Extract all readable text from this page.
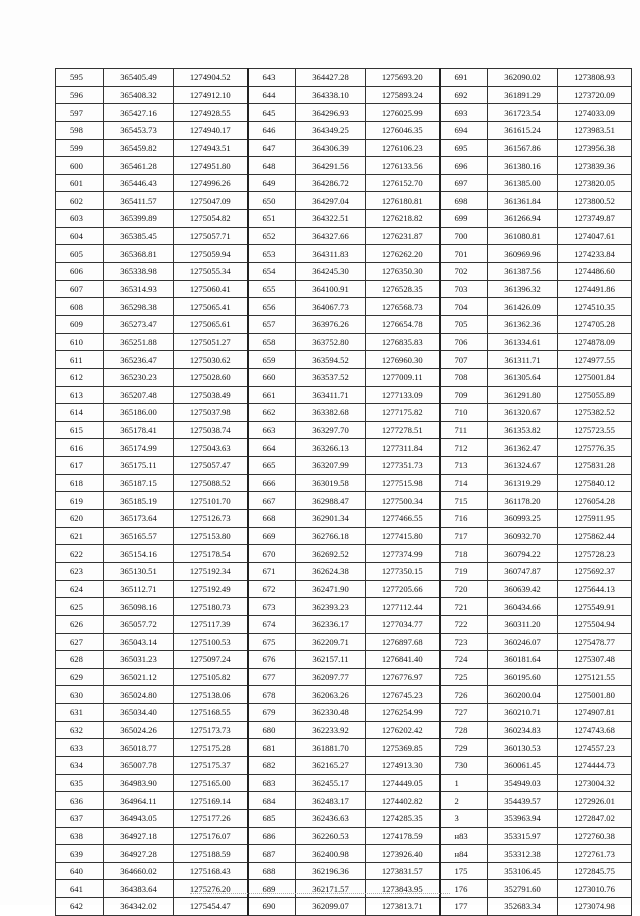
595	365405.49	1274904.52	643	364427.28	1275693.20	691	362090.02	1273808.93
596	365408.32	1274912.10	644	364338.10	1275893.24	692	361891.29	1273720.09
597	365427.16	1274928.55	645	364296.93	1276025.99	693	361723.54	1274033.09
598	365453.73	1274940.17	646	364349.25	1276046.35	694	361615.24	1273983.51
599	365459.82	1274943.51	647	364306.39	1276106.23	695	361567.86	1273956.38
600	365461.28	1274951.80	648	364291.56	1276133.56	696	361380.16	1273839.36
601	365446.43	1274996.26	649	364286.72	1276152.70	697	361385.00	1273820.05
602	365411.57	1275047.09	650	364297.04	1276180.81	698	361361.84	1273800.52
603	365399.89	1275054.82	651	364322.51	1276218.82	699	361266.94	1273749.87
604	365385.45	1275057.71	652	364327.66	1276231.87	700	361080.81	1274047.61
605	365368.81	1275059.94	653	364311.83	1276262.20	701	360969.96	1274233.84
606	365338.98	1275055.34	654	364245.30	1276350.30	702	361387.56	1274486.60
607	365314.93	1275060.41	655	364100.91	1276528.35	703	361396.32	1274491.86
608	365298.38	1275065.41	656	364067.73	1276568.73	704	361426.09	1274510.35
609	365273.47	1275065.61	657	363976.26	1276654.78	705	361362.36	1274705.28
610	365251.88	1275051.27	658	363752.80	1276835.83	706	361334.61	1274878.09
611	365236.47	1275030.62	659	363594.52	1276960.30	707	361311.71	1274977.55
612	365230.23	1275028.60	660	363537.52	1277009.11	708	361305.64	1275001.84
613	365207.48	1275038.49	661	363411.71	1277133.09	709	361291.80	1275055.89
614	365186.00	1275037.98	662	363382.68	1277175.82	710	361320.67	1275382.52
615	365178.41	1275038.74	663	363297.70	1277278.51	711	361353.82	1275723.55
616	365174.99	1275043.63	664	363266.13	1277311.84	712	361362.47	1275776.35
617	365175.11	1275057.47	665	363207.99	1277351.73	713	361324.67	1275831.28
618	365187.15	1275088.52	666	363019.58	1277515.98	714	361319.29	1275840.12
619	365185.19	1275101.70	667	362988.47	1277500.34	715	361178.20	1276054.28
620	365173.64	1275126.73	668	362901.34	1277466.55	716	360993.25	1275911.95
621	365165.57	1275153.80	669	362766.18	1277415.80	717	360932.70	1275862.44
622	365154.16	1275178.54	670	362692.52	1277374.99	718	360794.22	1275728.23
623	365130.51	1275192.34	671	362624.38	1277350.15	719	360747.87	1275692.37
624	365112.71	1275192.49	672	362471.90	1277205.66	720	360639.42	1275644.13
625	365098.16	1275180.73	673	362393.23	1277112.44	721	360434.66	1275549.91
626	365057.72	1275117.39	674	362336.17	1277034.77	722	360311.20	1275504.94
627	365043.14	1275100.53	675	362209.71	1276897.68	723	360246.07	1275478.77
628	365031.23	1275097.24	676	362157.11	1276841.40	724	360181.64	1275307.48
629	365021.12	1275105.82	677	362097.77	1276776.97	725	360195.60	1275121.55
630	365024.80	1275138.06	678	362063.26	1276745.23	726	360200.04	1275001.80
631	365034.40	1275168.55	679	362330.48	1276254.99	727	360210.71	1274907.81
632	365024.26	1275173.73	680	362233.92	1276202.42	728	360234.83	1274743.68
633	365018.77	1275175.28	681	361881.70	1275369.85	729	360130.53	1274557.23
634	365007.78	1275175.37	682	362165.27	1274913.30	730	360061.45	1274444.73
635	364983.90	1275165.00	683	362455.17	1274449.05	1	354949.03	1273004.32
636	364964.11	1275169.14	684	362483.17	1274402.82	2	354439.57	1272926.01
637	364943.05	1275177.26	685	362436.63	1274285.35	3	353963.94	1272847.02
638	364927.18	1275176.07	686	362260.53	1274178.59	н83	353315.97	1272760.38
639	364927.28	1275188.59	687	362400.98	1273926.40	н84	353312.38	1272761.73
640	364660.02	1275168.43	688	362196.36	1273831.57	175	353106.45	1272845.75
641	364383.64	1275276.20	689	362171.57	1273843.95	176	352791.60	1273010.76
642	364342.02	1275454.47	690	362099.07	1273813.71	177	352683.34	1273074.98
